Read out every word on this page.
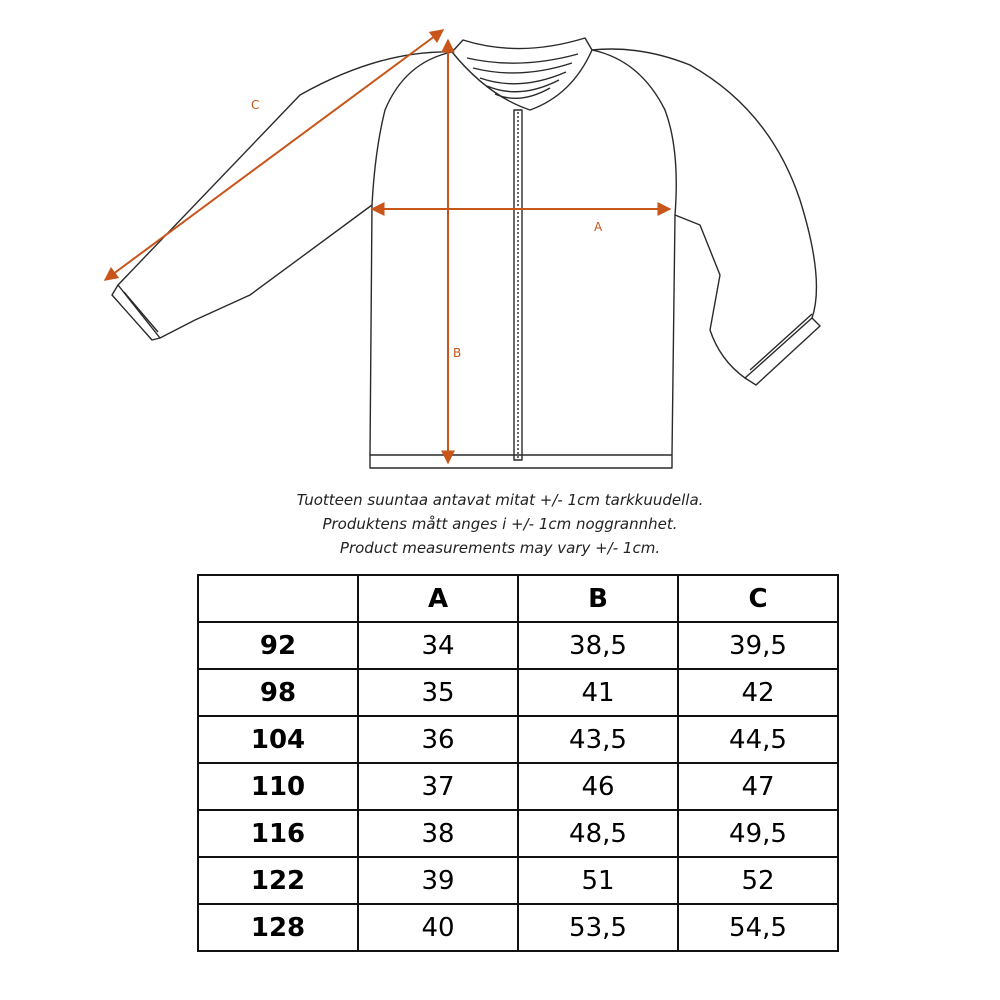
C
A
B
Tuotteen suuntaa antavat mitat +/- 1cm tarkkuudella.
Produktens mått anges i +/- 1cm noggrannhet.
Product measurements may vary +/- 1cm.
	A	B	C
92	34	38,5	39,5
98	35	41	42
104	36	43,5	44,5
110	37	46	47
116	38	48,5	49,5
122	39	51	52
128	40	53,5	54,5
